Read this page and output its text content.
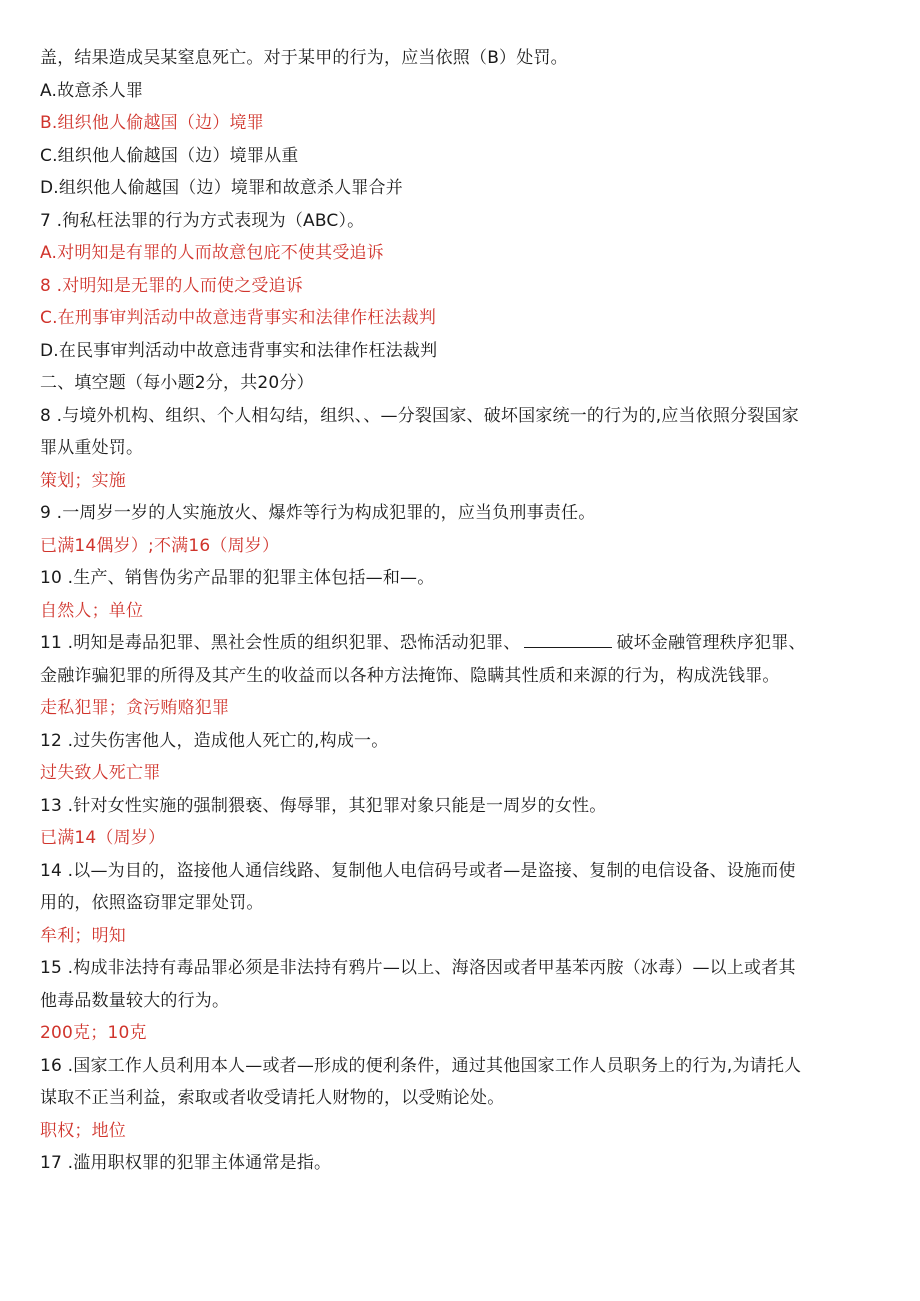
盖，结果造成吴某窒息死亡。对于某甲的行为，应当依照（B）处罚。
A.故意杀人罪
B.组织他人偷越国（边）境罪
C.组织他人偷越国（边）境罪从重
D.组织他人偷越国（边）境罪和故意杀人罪合并
7 .徇私枉法罪的行为方式表现为（ABC）。
A.对明知是有罪的人而故意包庇不使其受追诉
8 .对明知是无罪的人而使之受追诉
C.在刑事审判活动中故意违背事实和法律作枉法裁判
D.在民事审判活动中故意违背事实和法律作枉法裁判
二、填空题（每小题2分，共20分）
8 .与境外机构、组织、个人相勾结，组织、、—分裂国家、破坏国家统一的行为的,应当依照分裂国家
罪从重处罚。
策划；实施
9 .一周岁一岁的人实施放火、爆炸等行为构成犯罪的，应当负刑事责任。
已满14偶岁）;不满16（周岁）
10 .生产、销售伪劣产品罪的犯罪主体包括—和—。
自然人；单位
11 .明知是毒品犯罪、黑社会性质的组织犯罪、恐怖活动犯罪、	破坏金融管理秩序犯罪、
金融诈骗犯罪的所得及其产生的收益而以各种方法掩饰、隐瞒其性质和来源的行为，构成洗钱罪。
走私犯罪；贪污贿赂犯罪
12 .过失伤害他人，造成他人死亡的,构成一。
过失致人死亡罪
13 .针对女性实施的强制猥亵、侮辱罪，其犯罪对象只能是一周岁的女性。
已满14（周岁）
14 .以—为目的，盗接他人通信线路、复制他人电信码号或者—是盗接、复制的电信设备、设施而使
用的，依照盗窃罪定罪处罚。
牟利；明知
15 .构成非法持有毒品罪必须是非法持有鸦片—以上、海洛因或者甲基苯丙胺（冰毒）—以上或者其
他毒品数量较大的行为。
200克；10克
16 .国家工作人员利用本人—或者—形成的便利条件，通过其他国家工作人员职务上的行为,为请托人
谋取不正当利益，索取或者收受请托人财物的，以受贿论处。
职权；地位
17 .滥用职权罪的犯罪主体通常是指。
